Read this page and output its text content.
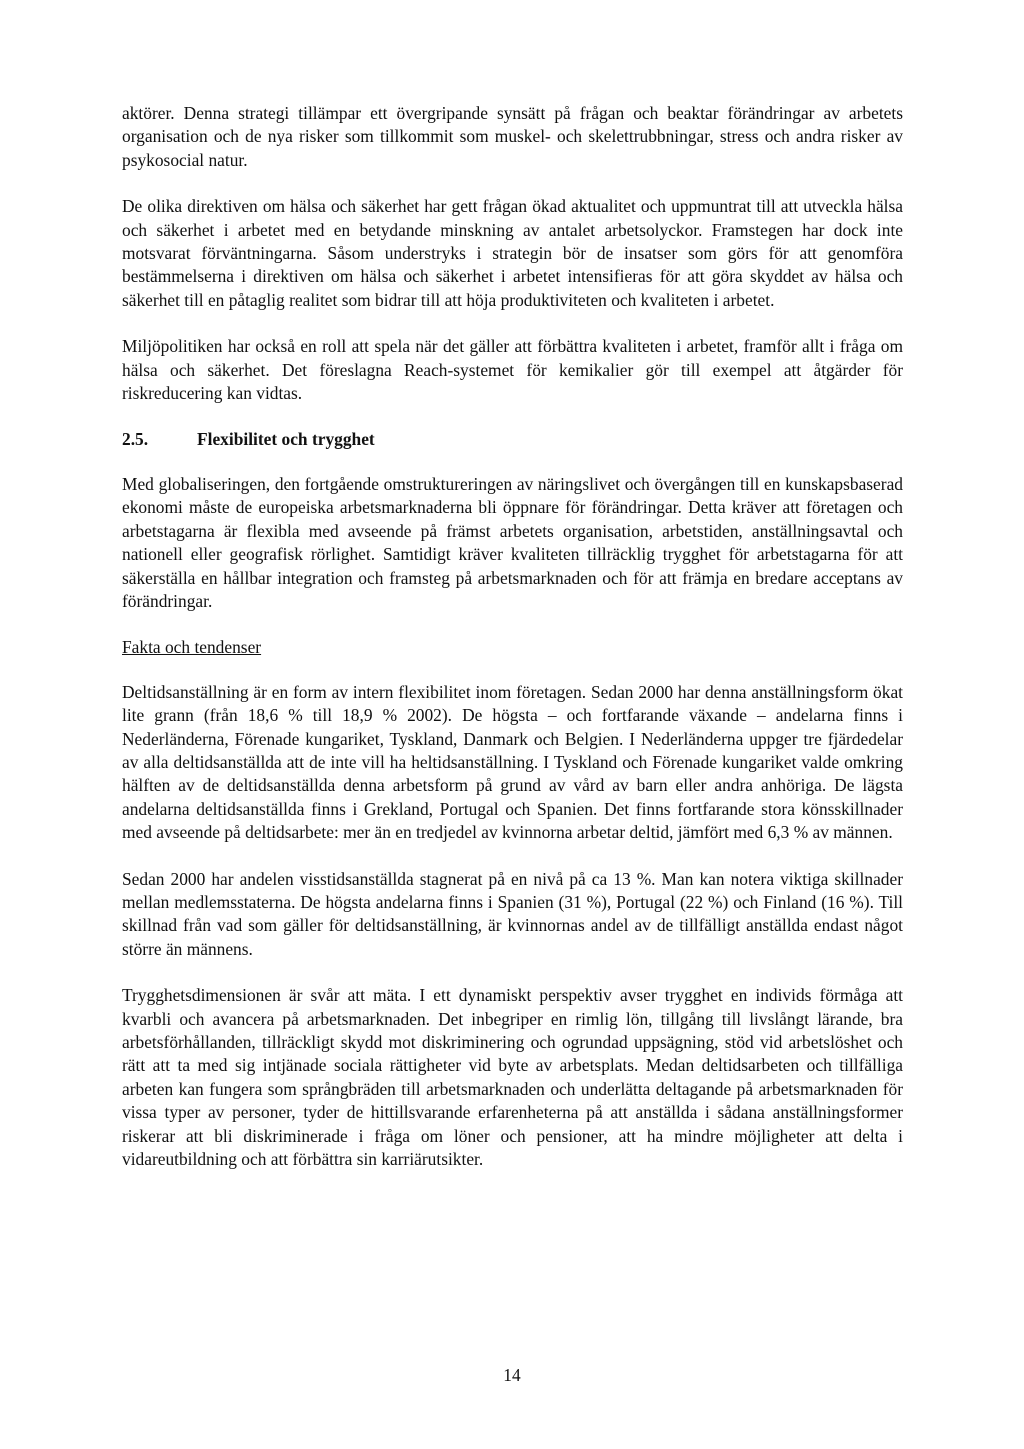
aktörer. Denna strategi tillämpar ett övergripande synsätt på frågan och beaktar förändringar av arbetets organisation och de nya risker som tillkommit som muskel- och skelettrubbningar, stress och andra risker av psykosocial natur.

De olika direktiven om hälsa och säkerhet har gett frågan ökad aktualitet och uppmuntrat till att utveckla hälsa och säkerhet i arbetet med en betydande minskning av antalet arbetsolyckor. Framstegen har dock inte motsvarat förväntningarna. Såsom understryks i strategin bör de insatser som görs för att genomföra bestämmelserna i direktiven om hälsa och säkerhet i arbetet intensifieras för att göra skyddet av hälsa och säkerhet till en påtaglig realitet som bidrar till att höja produktiviteten och kvaliteten i arbetet.

Miljöpolitiken har också en roll att spela när det gäller att förbättra kvaliteten i arbetet, framför allt i fråga om hälsa och säkerhet. Det föreslagna Reach-systemet för kemikalier gör till exempel att åtgärder för riskreducering kan vidtas.

2.5.	Flexibilitet och trygghet

Med globaliseringen, den fortgående omstruktureringen av näringslivet och övergången till en kunskapsbaserad ekonomi måste de europeiska arbetsmarknaderna bli öppnare för förändringar. Detta kräver att företagen och arbetstagarna är flexibla med avseende på främst arbetets organisation, arbetstiden, anställningsavtal och nationell eller geografisk rörlighet. Samtidigt kräver kvaliteten tillräcklig trygghet för arbetstagarna för att säkerställa en hållbar integration och framsteg på arbetsmarknaden och för att främja en bredare acceptans av förändringar.

Fakta och tendenser

Deltidsanställning är en form av intern flexibilitet inom företagen. Sedan 2000 har denna anställningsform ökat lite grann (från 18,6 % till 18,9 % 2002). De högsta – och fortfarande växande – andelarna finns i Nederländerna, Förenade kungariket, Tyskland, Danmark och Belgien. I Nederländerna uppger tre fjärdedelar av alla deltidsanställda att de inte vill ha heltidsanställning. I Tyskland och Förenade kungariket valde omkring hälften av de deltidsanställda denna arbetsform på grund av vård av barn eller andra anhöriga. De lägsta andelarna deltidsanställda finns i Grekland, Portugal och Spanien. Det finns fortfarande stora könsskillnader med avseende på deltidsarbete: mer än en tredjedel av kvinnorna arbetar deltid, jämfört med 6,3 % av männen.

Sedan 2000 har andelen visstidsanställda stagnerat på en nivå på ca 13 %. Man kan notera viktiga skillnader mellan medlemsstaterna. De högsta andelarna finns i Spanien (31 %), Portugal (22 %) och Finland (16 %). Till skillnad från vad som gäller för deltidsanställning, är kvinnornas andel av de tillfälligt anställda endast något större än männens.

Trygghetsdimensionen är svår att mäta. I ett dynamiskt perspektiv avser trygghet en individs förmåga att kvarbli och avancera på arbetsmarknaden. Det inbegriper en rimlig lön, tillgång till livslångt lärande, bra arbetsförhållanden, tillräckligt skydd mot diskriminering och ogrundad uppsägning, stöd vid arbetslöshet och rätt att ta med sig intjänade sociala rättigheter vid byte av arbetsplats. Medan deltidsarbeten och tillfälliga arbeten kan fungera som språngbräden till arbetsmarknaden och underlätta deltagande på arbetsmarknaden för vissa typer av personer, tyder de hittillsvarande erfarenheterna på att anställda i sådana anställningsformer riskerar att bli diskriminerade i fråga om löner och pensioner, att ha mindre möjligheter att delta i vidareutbildning och att förbättra sin karriärutsikter.

14
